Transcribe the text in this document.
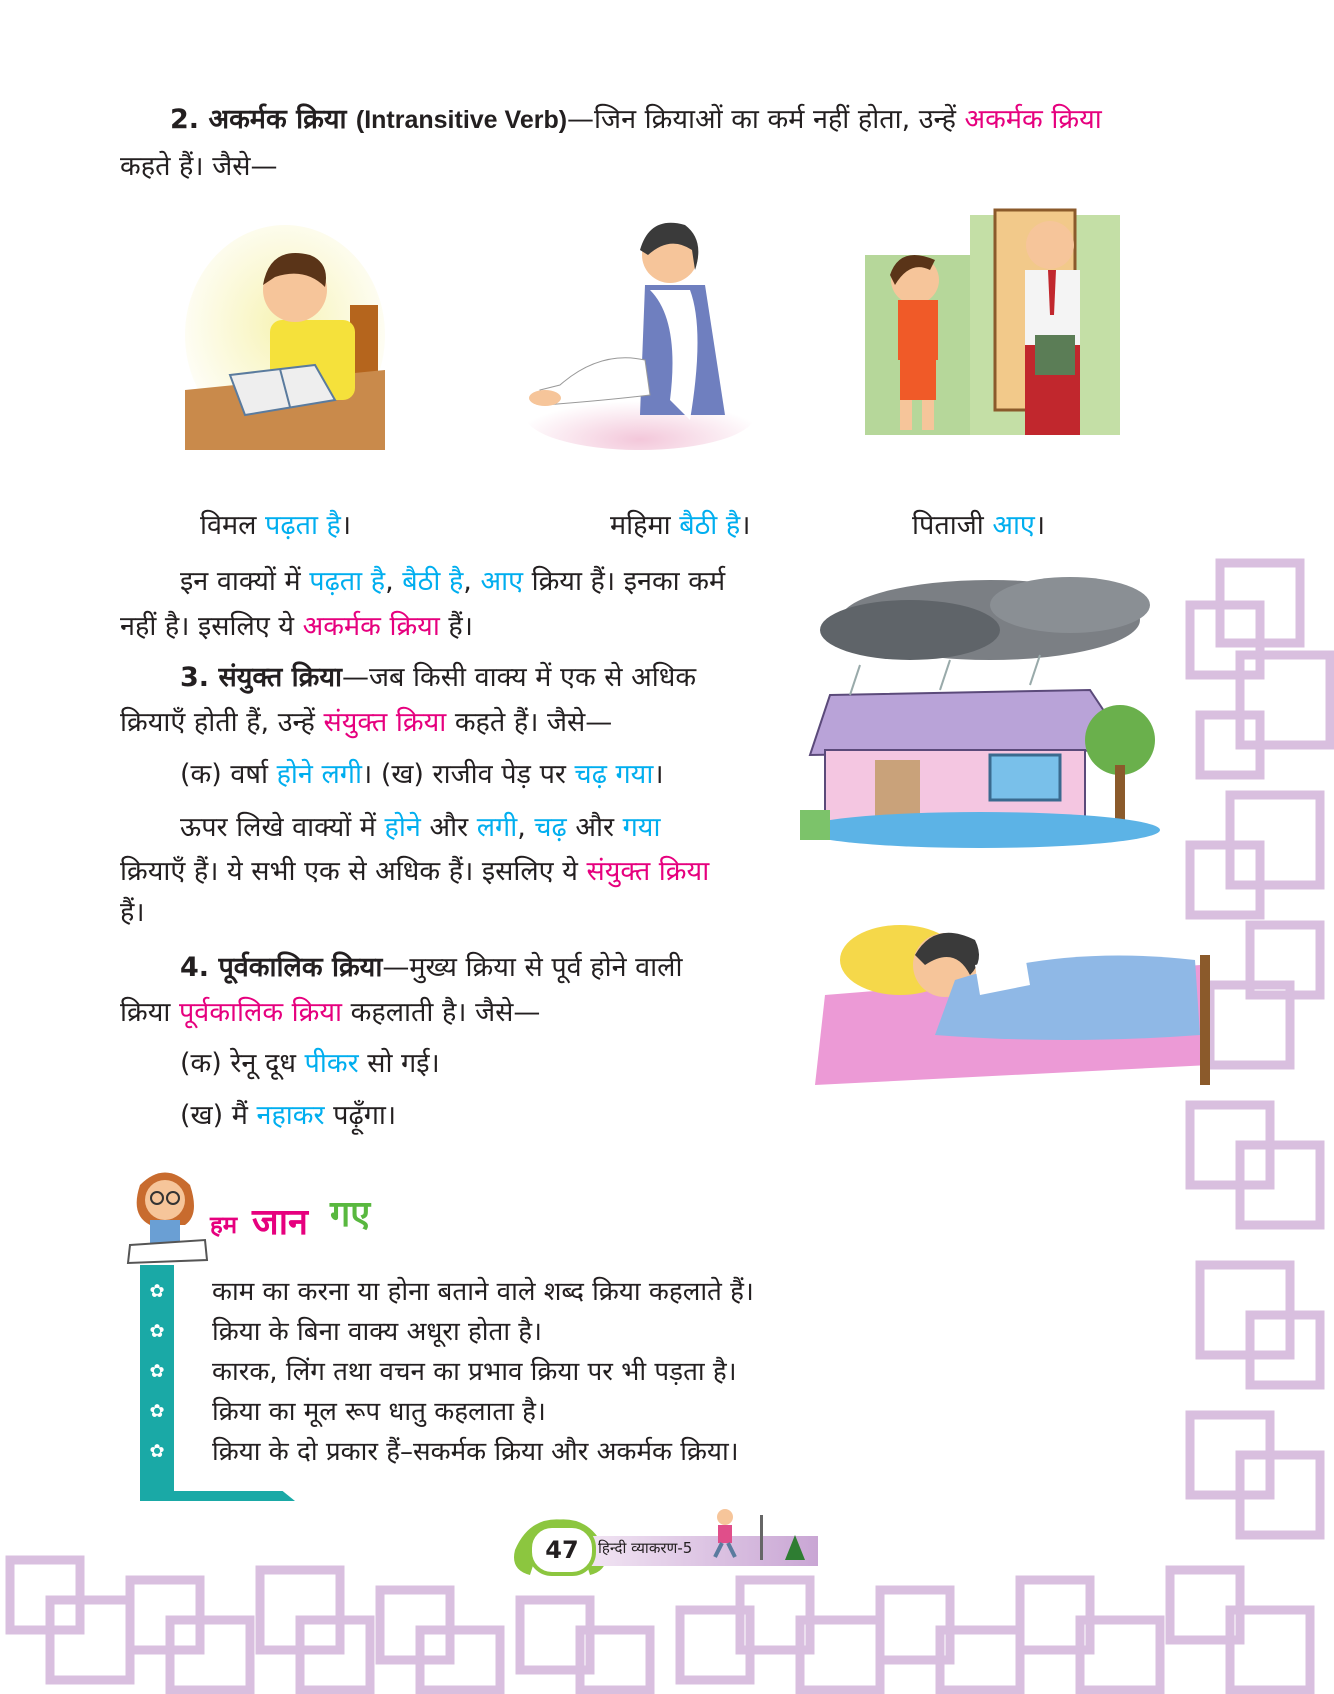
2. अकर्मक क्रिया (Intransitive Verb)—जिन क्रियाओं का कर्म नहीं होता, उन्हें अकर्मक क्रिया
कहते हैं। जैसे—
विमल पढ़ता है।	महिमा बैठी है।	पिताजी आए।
इन वाक्यों में पढ़ता है, बैठी है, आए क्रिया हैं। इनका कर्म
नहीं है। इसलिए ये अकर्मक क्रिया हैं।
3. संयुक्त क्रिया—जब किसी वाक्य में एक से अधिक
क्रियाएँ होती हैं, उन्हें संयुक्त क्रिया कहते हैं। जैसे—
(क) वर्षा होने लगी। (ख) राजीव पेड़ पर चढ़ गया।
ऊपर लिखे वाक्यों में होने और लगी, चढ़ और गया
क्रियाएँ हैं। ये सभी एक से अधिक हैं। इसलिए ये संयुक्त क्रिया
हैं।
4. पूर्वकालिक क्रिया—मुख्य क्रिया से पूर्व होने वाली
क्रिया पूर्वकालिक क्रिया कहलाती है। जैसे—
(क) रेनू दूध पीकर सो गई।
(ख) मैं नहाकर पढ़ूँगा।
हम जान गए
✿
✿
✿
✿
✿
काम का करना या होना बताने वाले शब्द क्रिया कहलाते हैं।
क्रिया के बिना वाक्य अधूरा होता है।
कारक, लिंग तथा वचन का प्रभाव क्रिया पर भी पड़ता है।
क्रिया का मूल रूप धातु कहलाता है।
क्रिया के दो प्रकार हैं–सकर्मक क्रिया और अकर्मक क्रिया।
हिन्दी व्याकरण-5
47
